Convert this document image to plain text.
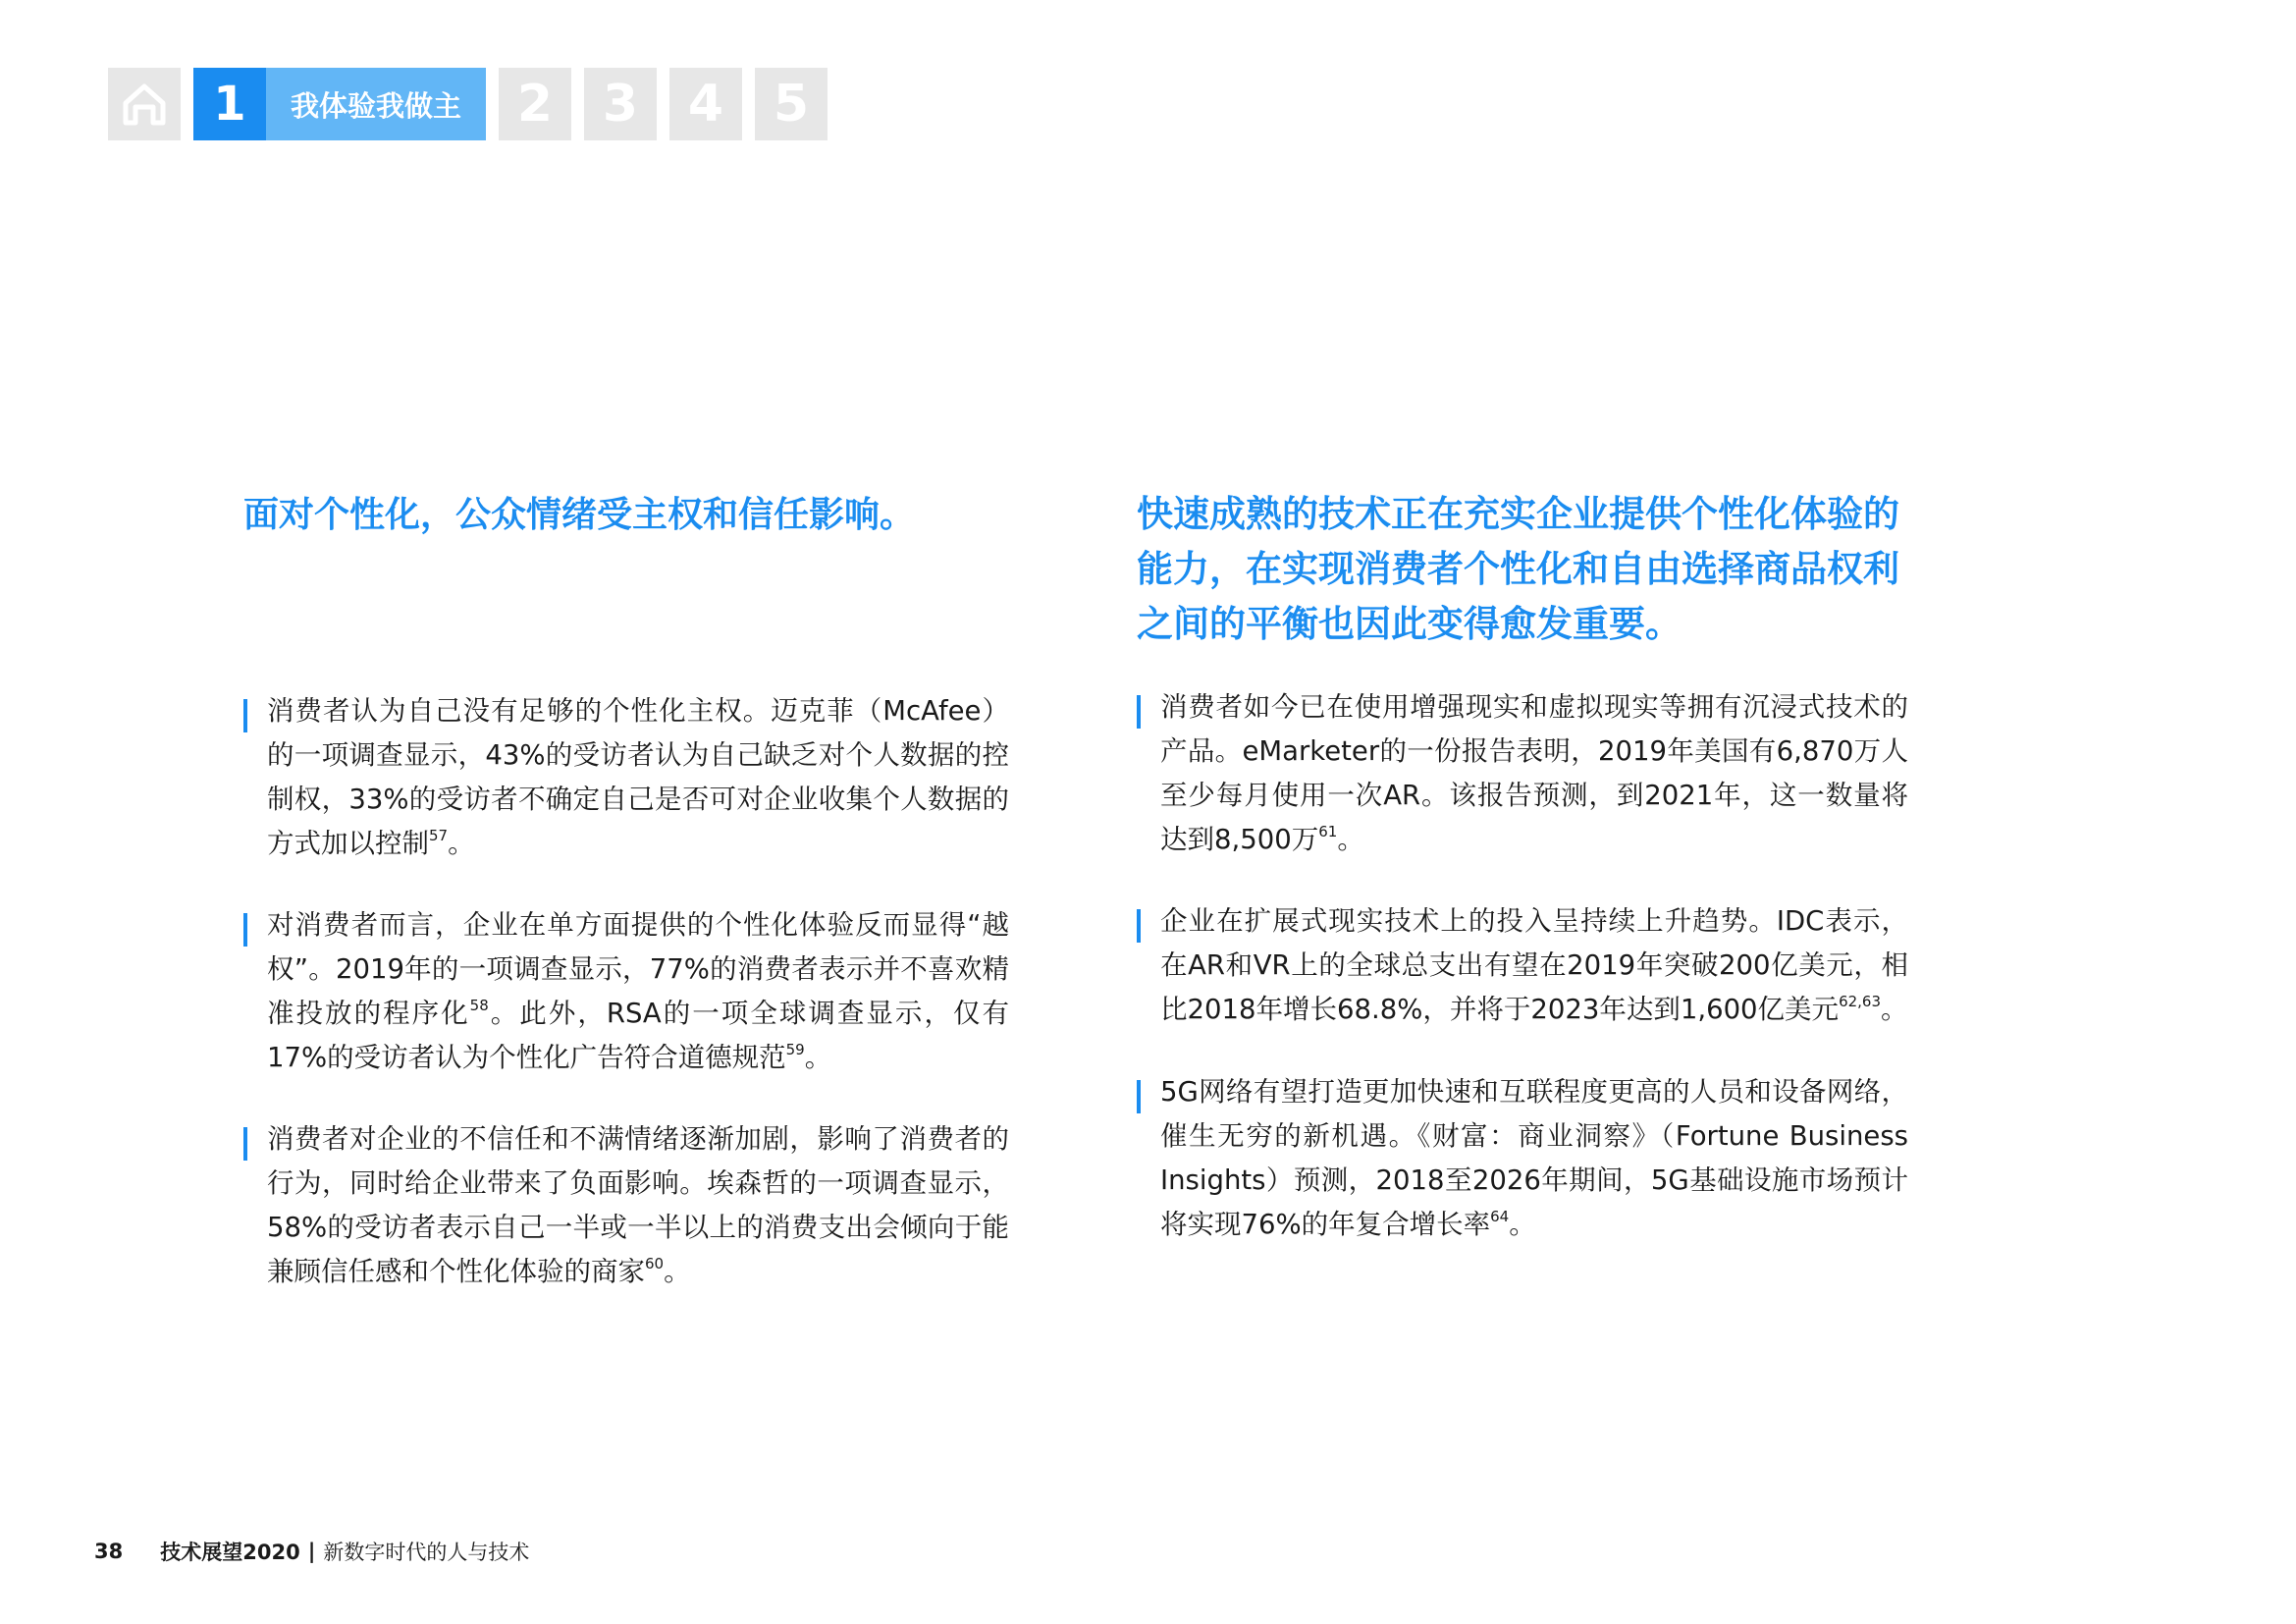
1	我体验我做主	2 3 4 5
面对个性化，公众情绪受主权和信任影响。
消费者认为自己没有足够的个性化主权。迈克菲（McAfee）的一项调查显示，43%的受访者认为自己缺乏对个人数据的控制权，33%的受访者不确定自己是否可对企业收集个人数据的方式加以控制$^{57}$。
对消费者而言，企业在单方面提供的个性化体验反而显得“越权”。2019年的一项调查显示，77%的消费者表示并不喜欢精准投放的程序化$^{58}$。此外，RSA的一项全球调查显示，仅有17%的受访者认为个性化广告符合道德规范$^{59}$。
消费者对企业的不信任和不满情绪逐渐加剧，影响了消费者的行为，同时给企业带来了负面影响。埃森哲的一项调查显示，58%的受访者表示自己一半或一半以上的消费支出会倾向于能兼顾信任感和个性化体验的商家$^{60}$。
快速成熟的技术正在充实企业提供个性化体验的能力，在实现消费者个性化和自由选择商品权利之间的平衡也因此变得愈发重要。
消费者如今已在使用增强现实和虚拟现实等拥有沉浸式技术的产品。eMarketer的一份报告表明，2019年美国有6,870万人至少每月使用一次AR。该报告预测，到2021年，这一数量将达到8,500万$^{61}$。
企业在扩展式现实技术上的投入呈持续上升趋势。IDC表示，在AR和VR上的全球总支出有望在2019年突破200亿美元，相比2018年增长68.8%，并将于2023年达到1,600亿美元$^{62,63}$。
5G网络有望打造更加快速和互联程度更高的人员和设备网络，催生无穷的新机遇。《财富：商业洞察》（Fortune Business Insights）预测，2018至2026年期间，5G基础设施市场预计将实现76%的年复合增长率$^{64}$。
38 技术展望2020 | 新数字时代的人与技术
